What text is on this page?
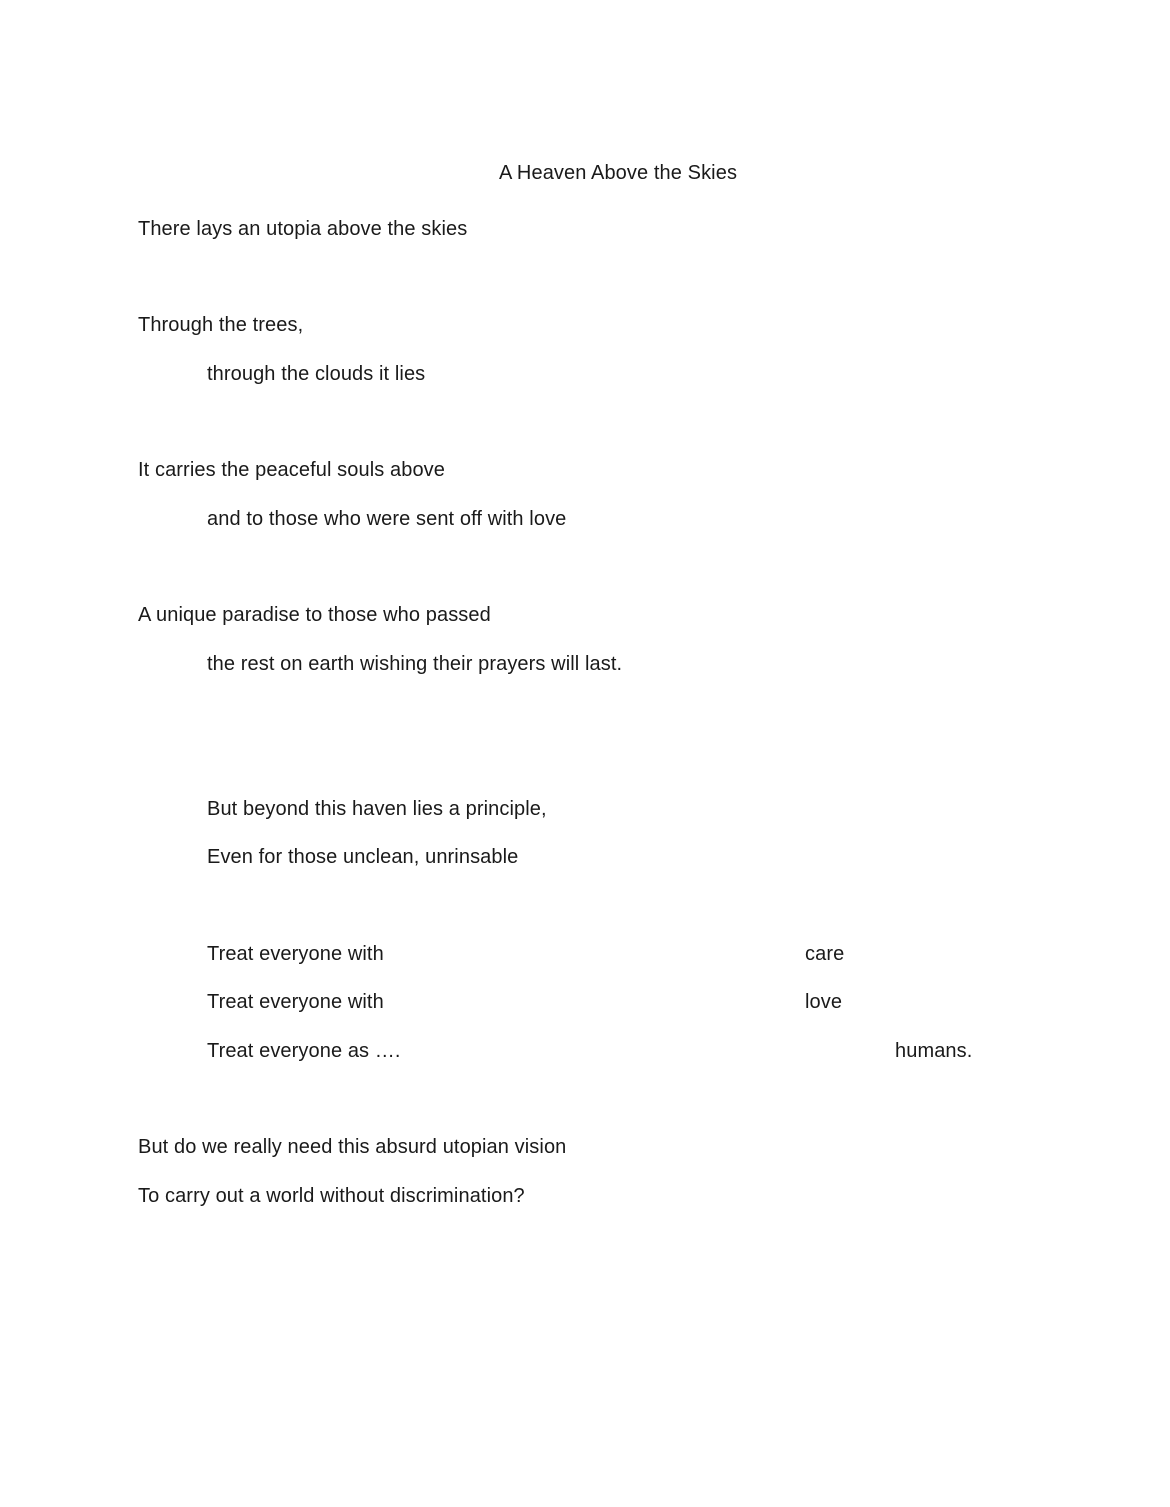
A Heaven Above the Skies
There lays an utopia above the skies
Through the trees,
through the clouds it lies
It carries the peaceful souls above
and to those who were sent off with love
A unique paradise to those who passed
the rest on earth wishing their prayers will last.
But beyond this haven lies a principle,
Even for those unclean, unrinsable
Treat everyone with	care
Treat everyone with	love
Treat everyone as ….	humans.
But do we really need this absurd utopian vision
To carry out a world without discrimination?
